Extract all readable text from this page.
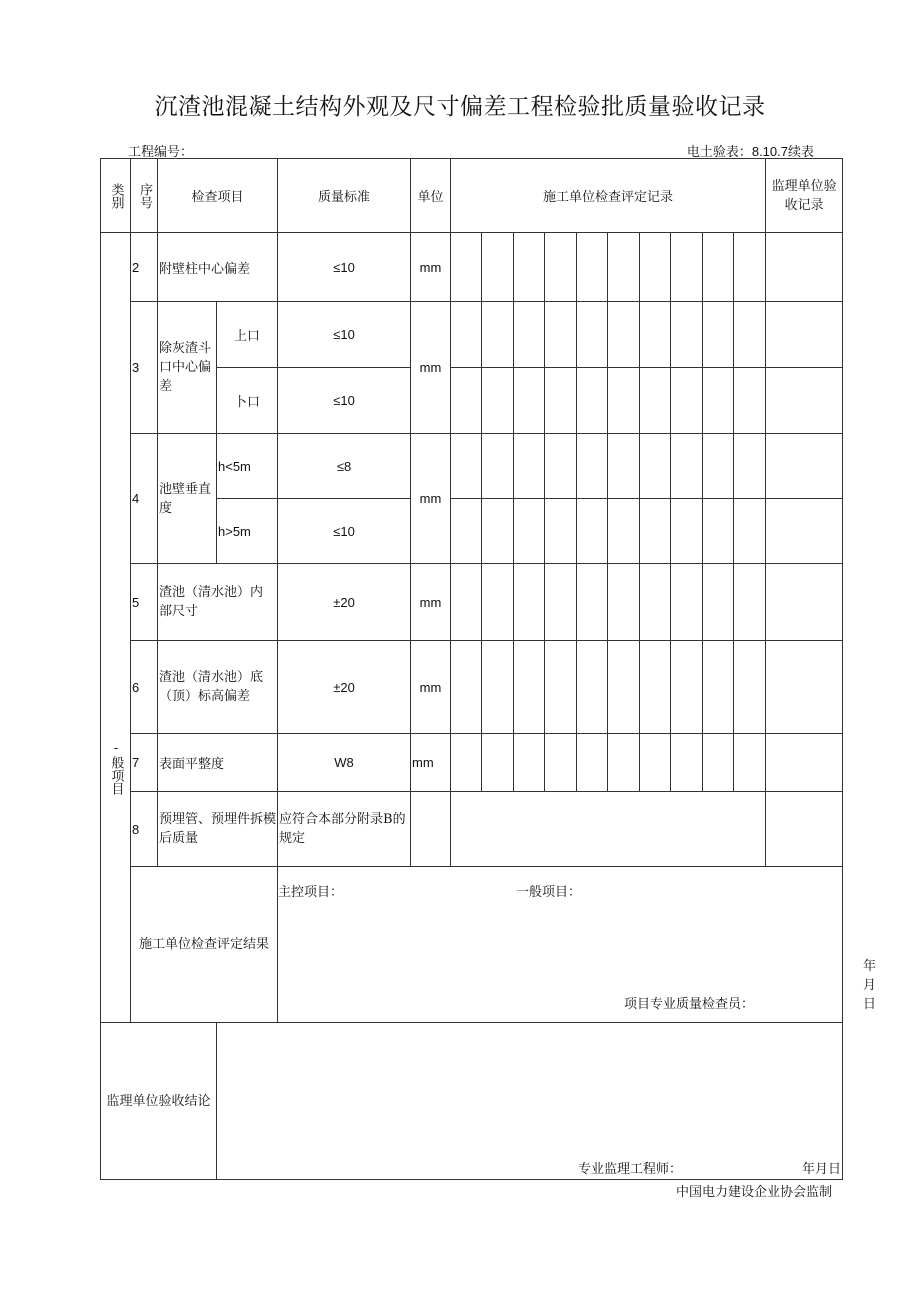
沉渣池混凝土结构外观及尺寸偏差工程检验批质量验收记录
工程编号：	电土验表：8.10.7续表
类别	序号	检查项目		质量标准	单位	施工单位检查评定记录										监理单位验收记录

-般项目	2	附壁柱中心偏差		≤10	mm											
	3	除灰渣斗口中心偏差	上口	≤10	mm											
			卜口	≤10												
	4	池壁垂直度	h<5m	≤8	mm											
			h>5m	≤10												
	5	渣池（清水池）内部尺寸		±20	mm											
	6	渣池（清水池）底（顶）标高偏差		±20	mm											
	7	表面平整度		W8	mm											
	8	预埋管、预埋件拆模后质量		应符合本部分附录B的规定												
	施工单位检查评定结果			主控项目： 一般项目：
项目专业质量检查员：
年月日												

监理单位验收结论			专业监理工程师： 年月日													
中国电力建设企业协会监制
